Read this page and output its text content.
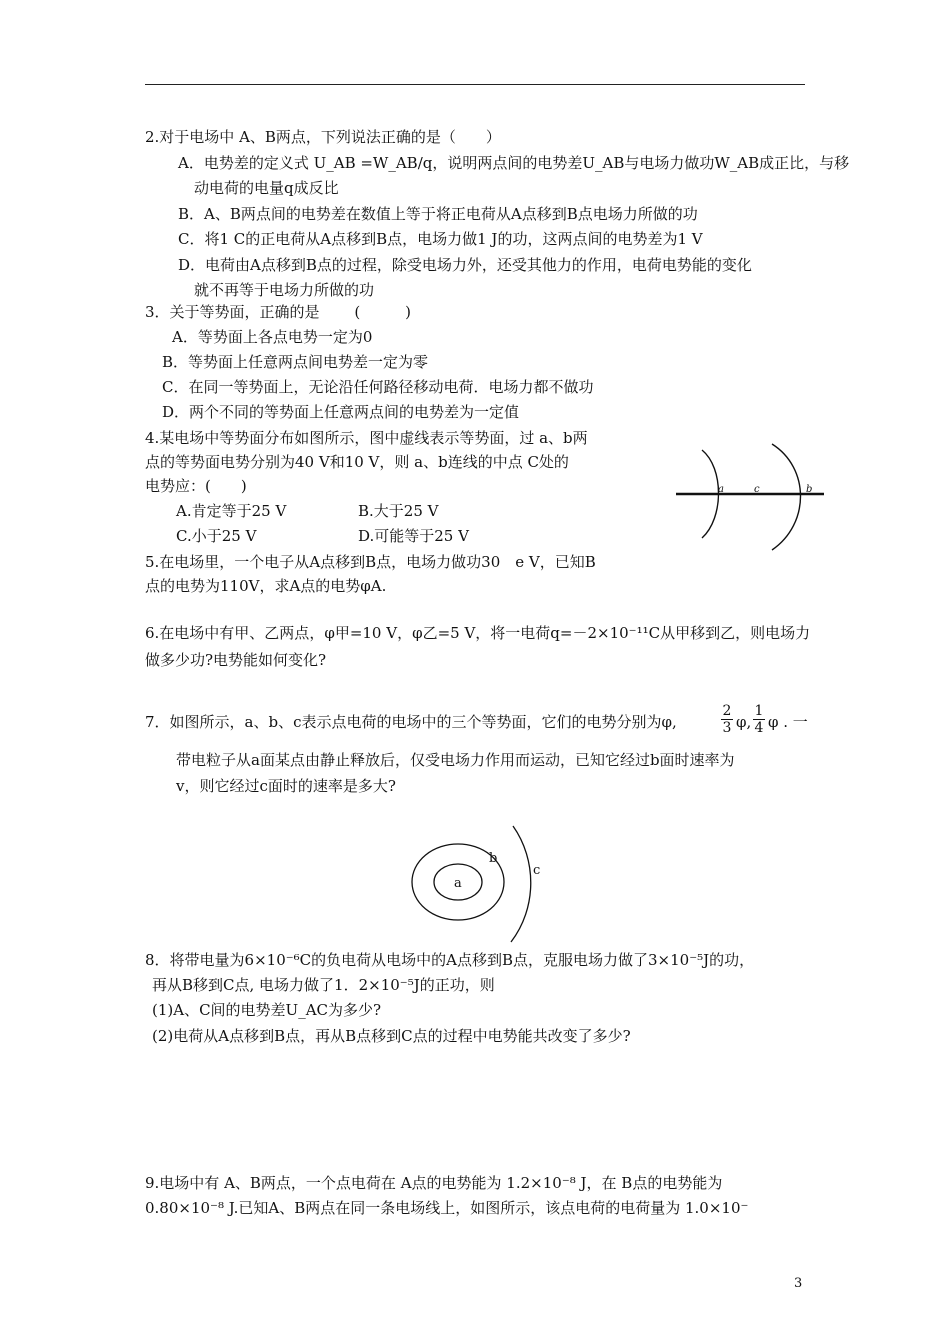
2.对于电场中 A、B两点，下列说法正确的是（　　）
A．电势差的定义式 U_AB =W_AB/q，说明两点间的电势差U_AB与电场力做功W_AB成正比，与移
动电荷的电量q成反比
B．A、B两点间的电势差在数值上等于将正电荷从A点移到B点电场力所做的功
C．将1 C的正电荷从A点移到B点，电场力做1 J的功，这两点间的电势差为1 V
D．电荷由A点移到B点的过程，除受电场力外，还受其他力的作用，电荷电势能的变化
就不再等于电场力所做的功
3．关于等势面，正确的是　　 (　　　)
A．等势面上各点电势一定为0
B．等势面上任意两点间电势差一定为零
C．在同一等势面上，无论沿任何路径移动电荷．电场力都不做功
D．两个不同的等势面上任意两点间的电势差为一定值
4.某电场中等势面分布如图所示，图中虚线表示等势面，过 a、b两
点的等势面电势分别为40 V和10 V，则 a、b连线的中点 C处的
电势应：(　　)
A.肯定等于25 V	B.大于25 V
C.小于25 V	D.可能等于25 V
a	c	b
5.在电场里，一个电子从A点移到B点，电场力做功30　e V，已知B
点的电势为110V，求A点的电势φA.
6.在电场中有甲、乙两点，φ甲=10 V，φ乙=5 V，将一电荷q=－2×10⁻¹¹C从甲移到乙，则电场力
做多少功?电势能如何变化?
7．如图所示，a、b、c表示点电荷的电场中的三个等势面，它们的电势分别为φ,	$\frac{2}{3} \varphi$, $\frac{1}{4}$ φ . 一
带电粒子从a面某点由静止释放后，仅受电场力作用而运动，已知它经过b面时速率为
v，则它经过c面时的速率是多大?
a
b
c
8．将带电量为6×10⁻⁶C的负电荷从电场中的A点移到B点，克服电场力做了3×10⁻⁵J的功，
再从B移到C点, 电场力做了1．2×10⁻⁵J的正功，则
(1)A、C间的电势差U_AC为多少?
(2)电荷从A点移到B点，再从B点移到C点的过程中电势能共改变了多少?
9.电场中有 A、B两点，一个点电荷在 A点的电势能为 1.2×10⁻⁸ J，在 B点的电势能为
0.80×10⁻⁸ J.已知A、B两点在同一条电场线上，如图所示，该点电荷的电荷量为 1.0×10⁻
3
